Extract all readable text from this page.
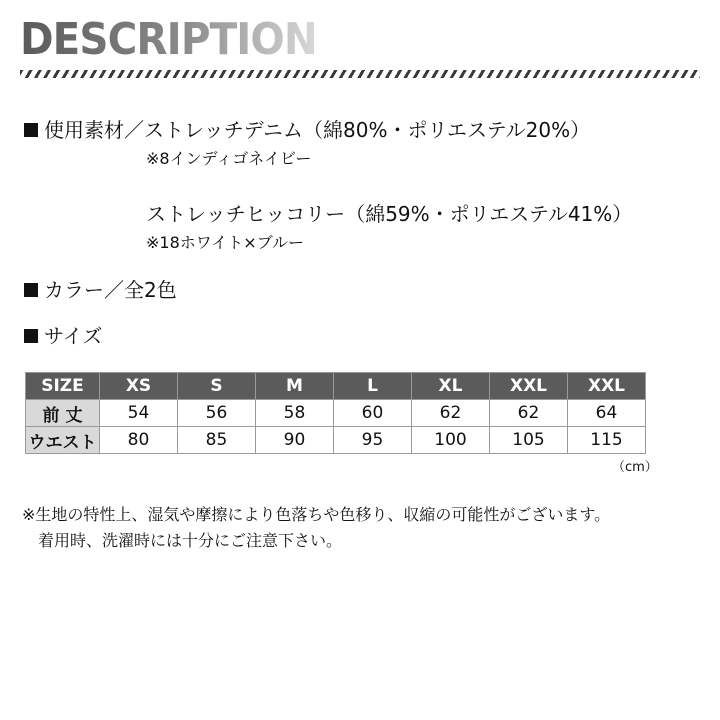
DESCRIPTION
使用素材／ストレッチデニム（綿80%・ポリエステル20%）
※8インディゴネイビー
ストレッチヒッコリー（綿59%・ポリエステル41%）
※18ホワイト×ブルー
カラー／全2色
サイズ
SIZE	XS	S	M	L	XL	XXL	XXL
前 丈	54	56	58	60	62	62	64
ウエスト	80	85	90	95	100	105	115
（cm）
※生地の特性上、湿気や摩擦により色落ちや色移り、収縮の可能性がございます。
着用時、洗濯時には十分にご注意下さい。
